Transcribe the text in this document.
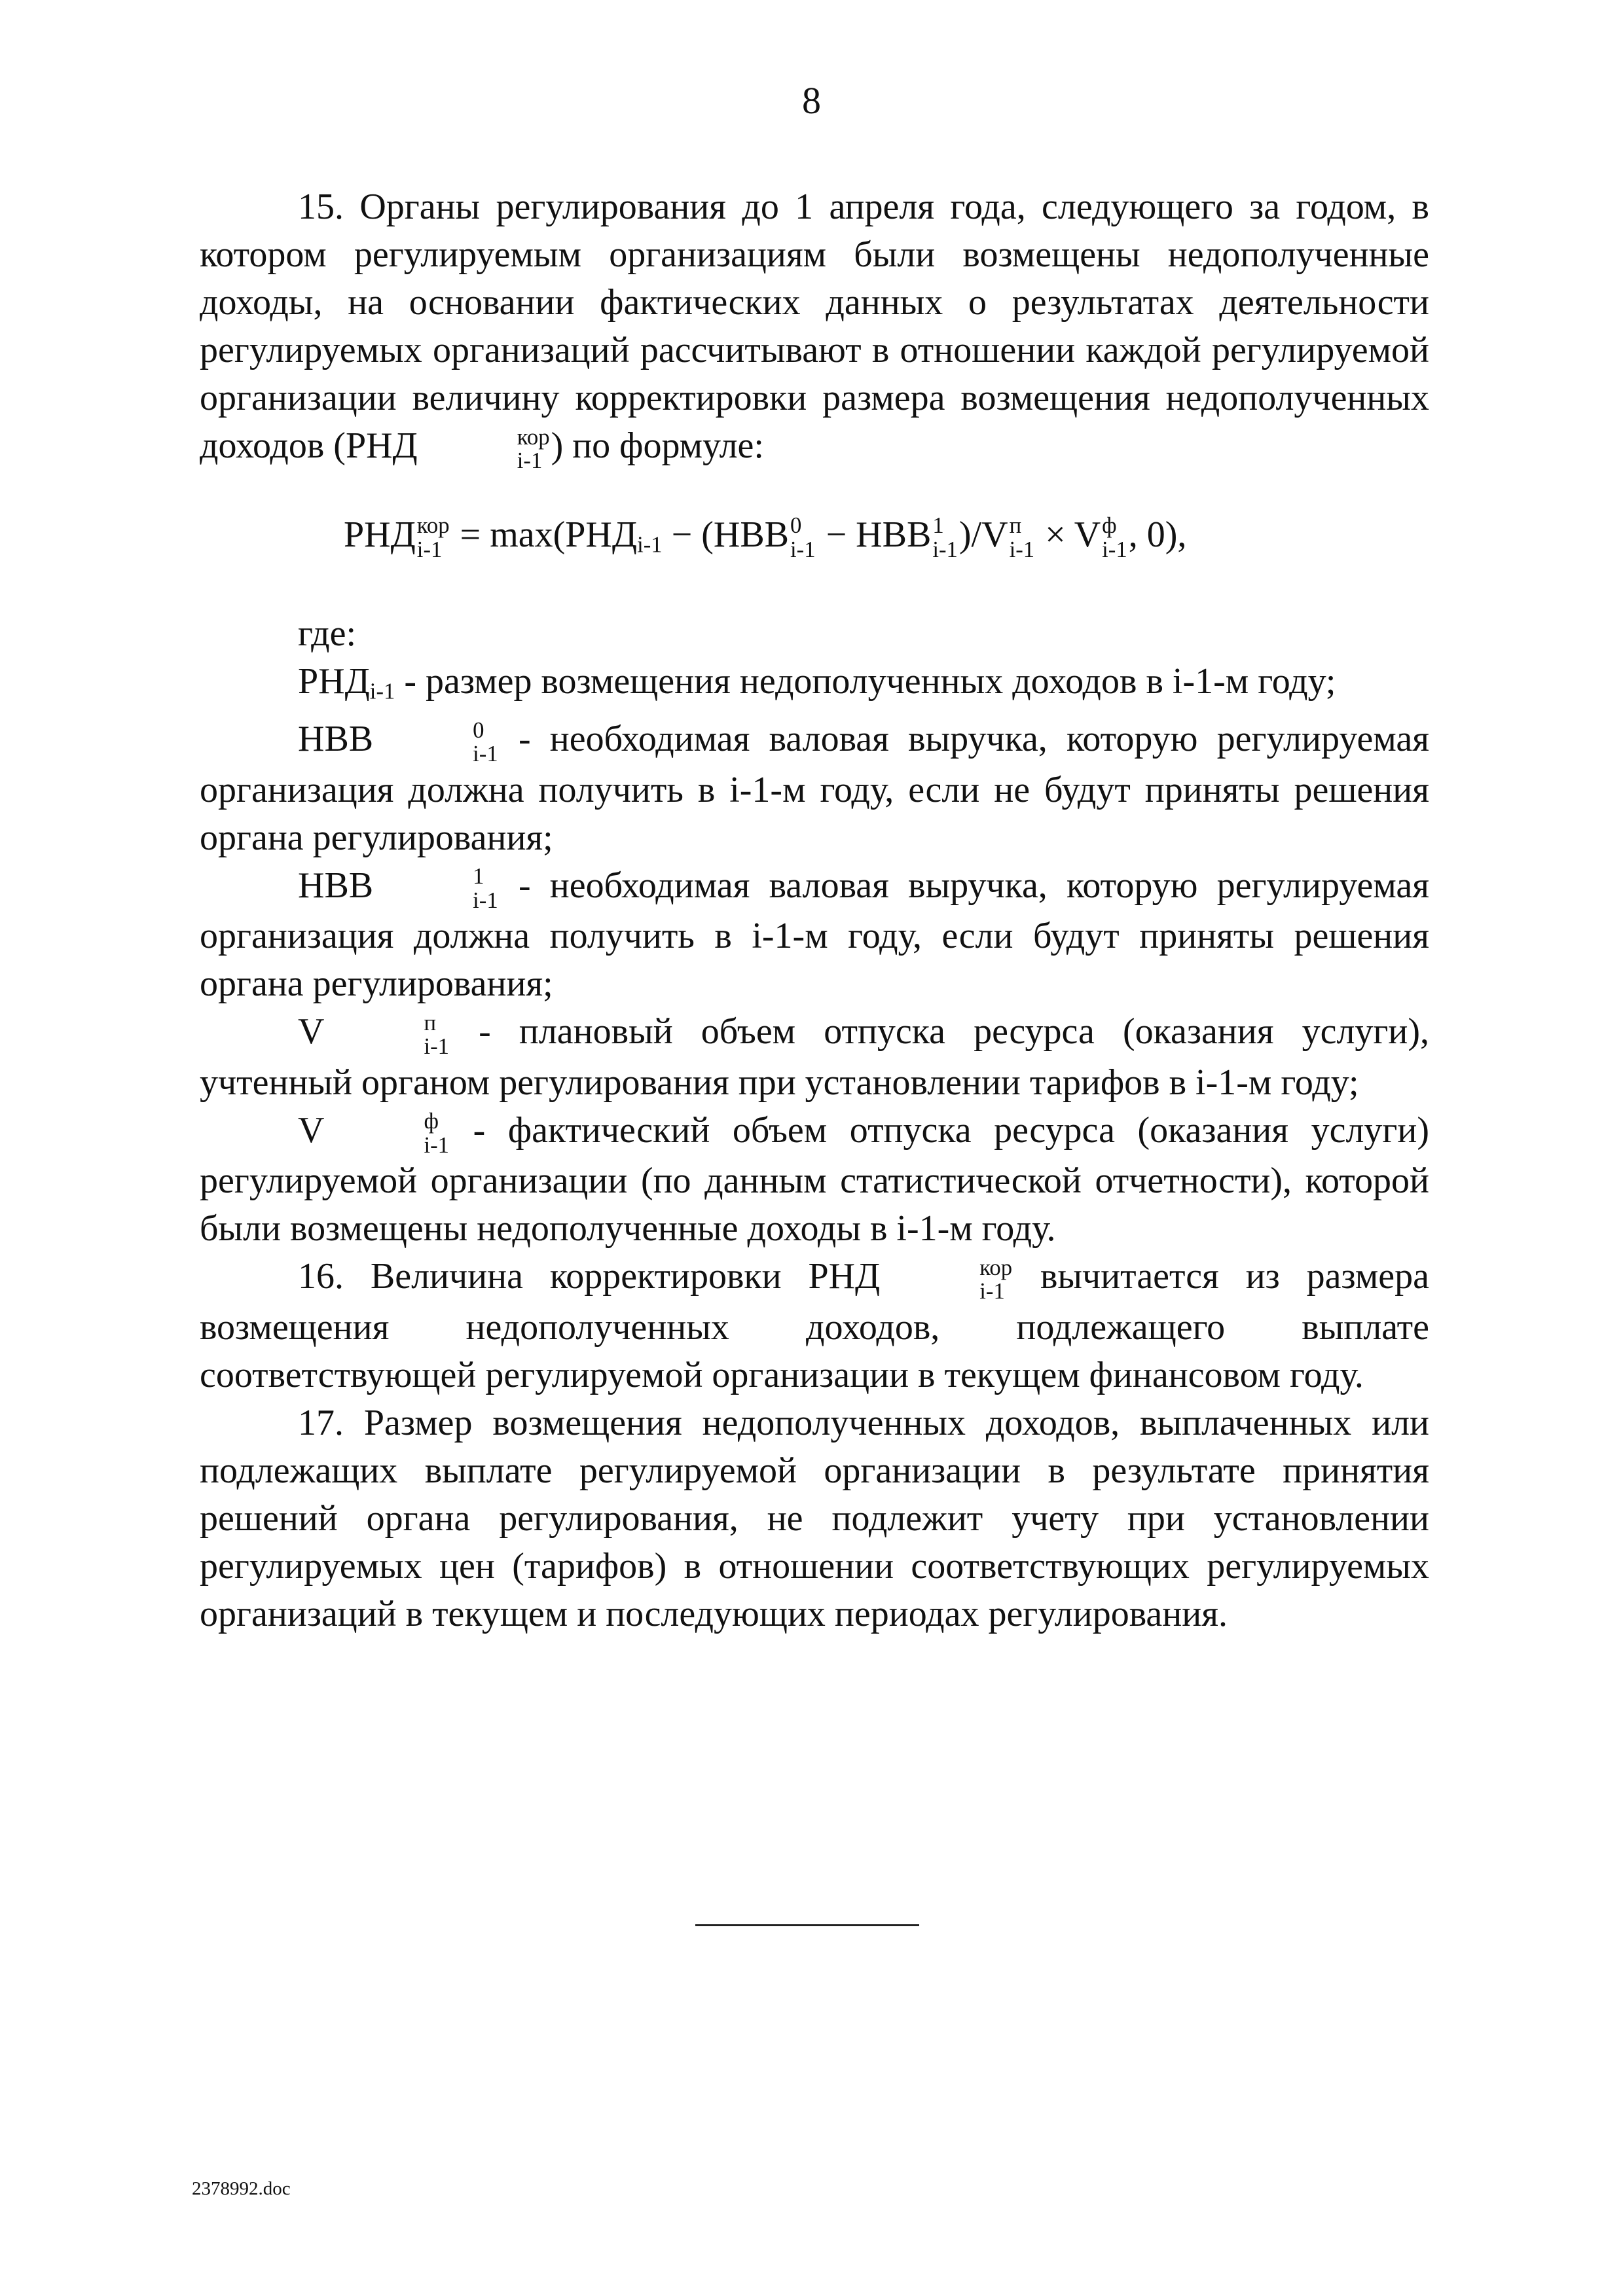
8

15. Органы регулирования до 1 апреля года, следующего за годом, в котором регулируемым организациям были возмещены недополученные доходы, на основании фактических данных о результатах деятельности регулируемых организаций рассчитывают в отношении каждой регулируемой организации величину корректировки размера возмещения недополученных доходов (РНД	кор
i-1 ) по формуле:

РНД кор
i-1 = max(РНДi-1 − (НВВ 0
i-1 − НВВ 1
i-1 )/V п
i-1 × V ф
i-1 , 0),

где:

РНДi-1 - размер возмещения недополученных доходов в i-1-м году;

НВВ	0
i-1 - необходимая валовая выручка, которую регулируемая организация должна получить в i-1-м году, если не будут приняты решения органа регулирования;

НВВ	1
i-1 - необходимая валовая выручка, которую регулируемая организация должна получить в i-1-м году, если будут приняты решения органа регулирования;

V	п
i-1 - плановый объем отпуска ресурса (оказания услуги), учтенный органом регулирования при установлении тарифов в i-1-м году;

V	ф
i-1 - фактический объем отпуска ресурса (оказания услуги) регулируемой организации (по данным статистической отчетности), которой были возмещены недополученные доходы в i-1-м году.

16. Величина корректировки РНД	кор
i-1 вычитается из размера возмещения недополученных доходов, подлежащего выплате соответствующей регулируемой организации в текущем финансовом году.

17. Размер возмещения недополученных доходов, выплаченных или подлежащих выплате регулируемой организации в результате принятия решений органа регулирования, не подлежит учету при установлении регулируемых цен (тарифов) в отношении соответствующих регулируемых организаций в текущем и последующих периодах регулирования.

2378992.doc
